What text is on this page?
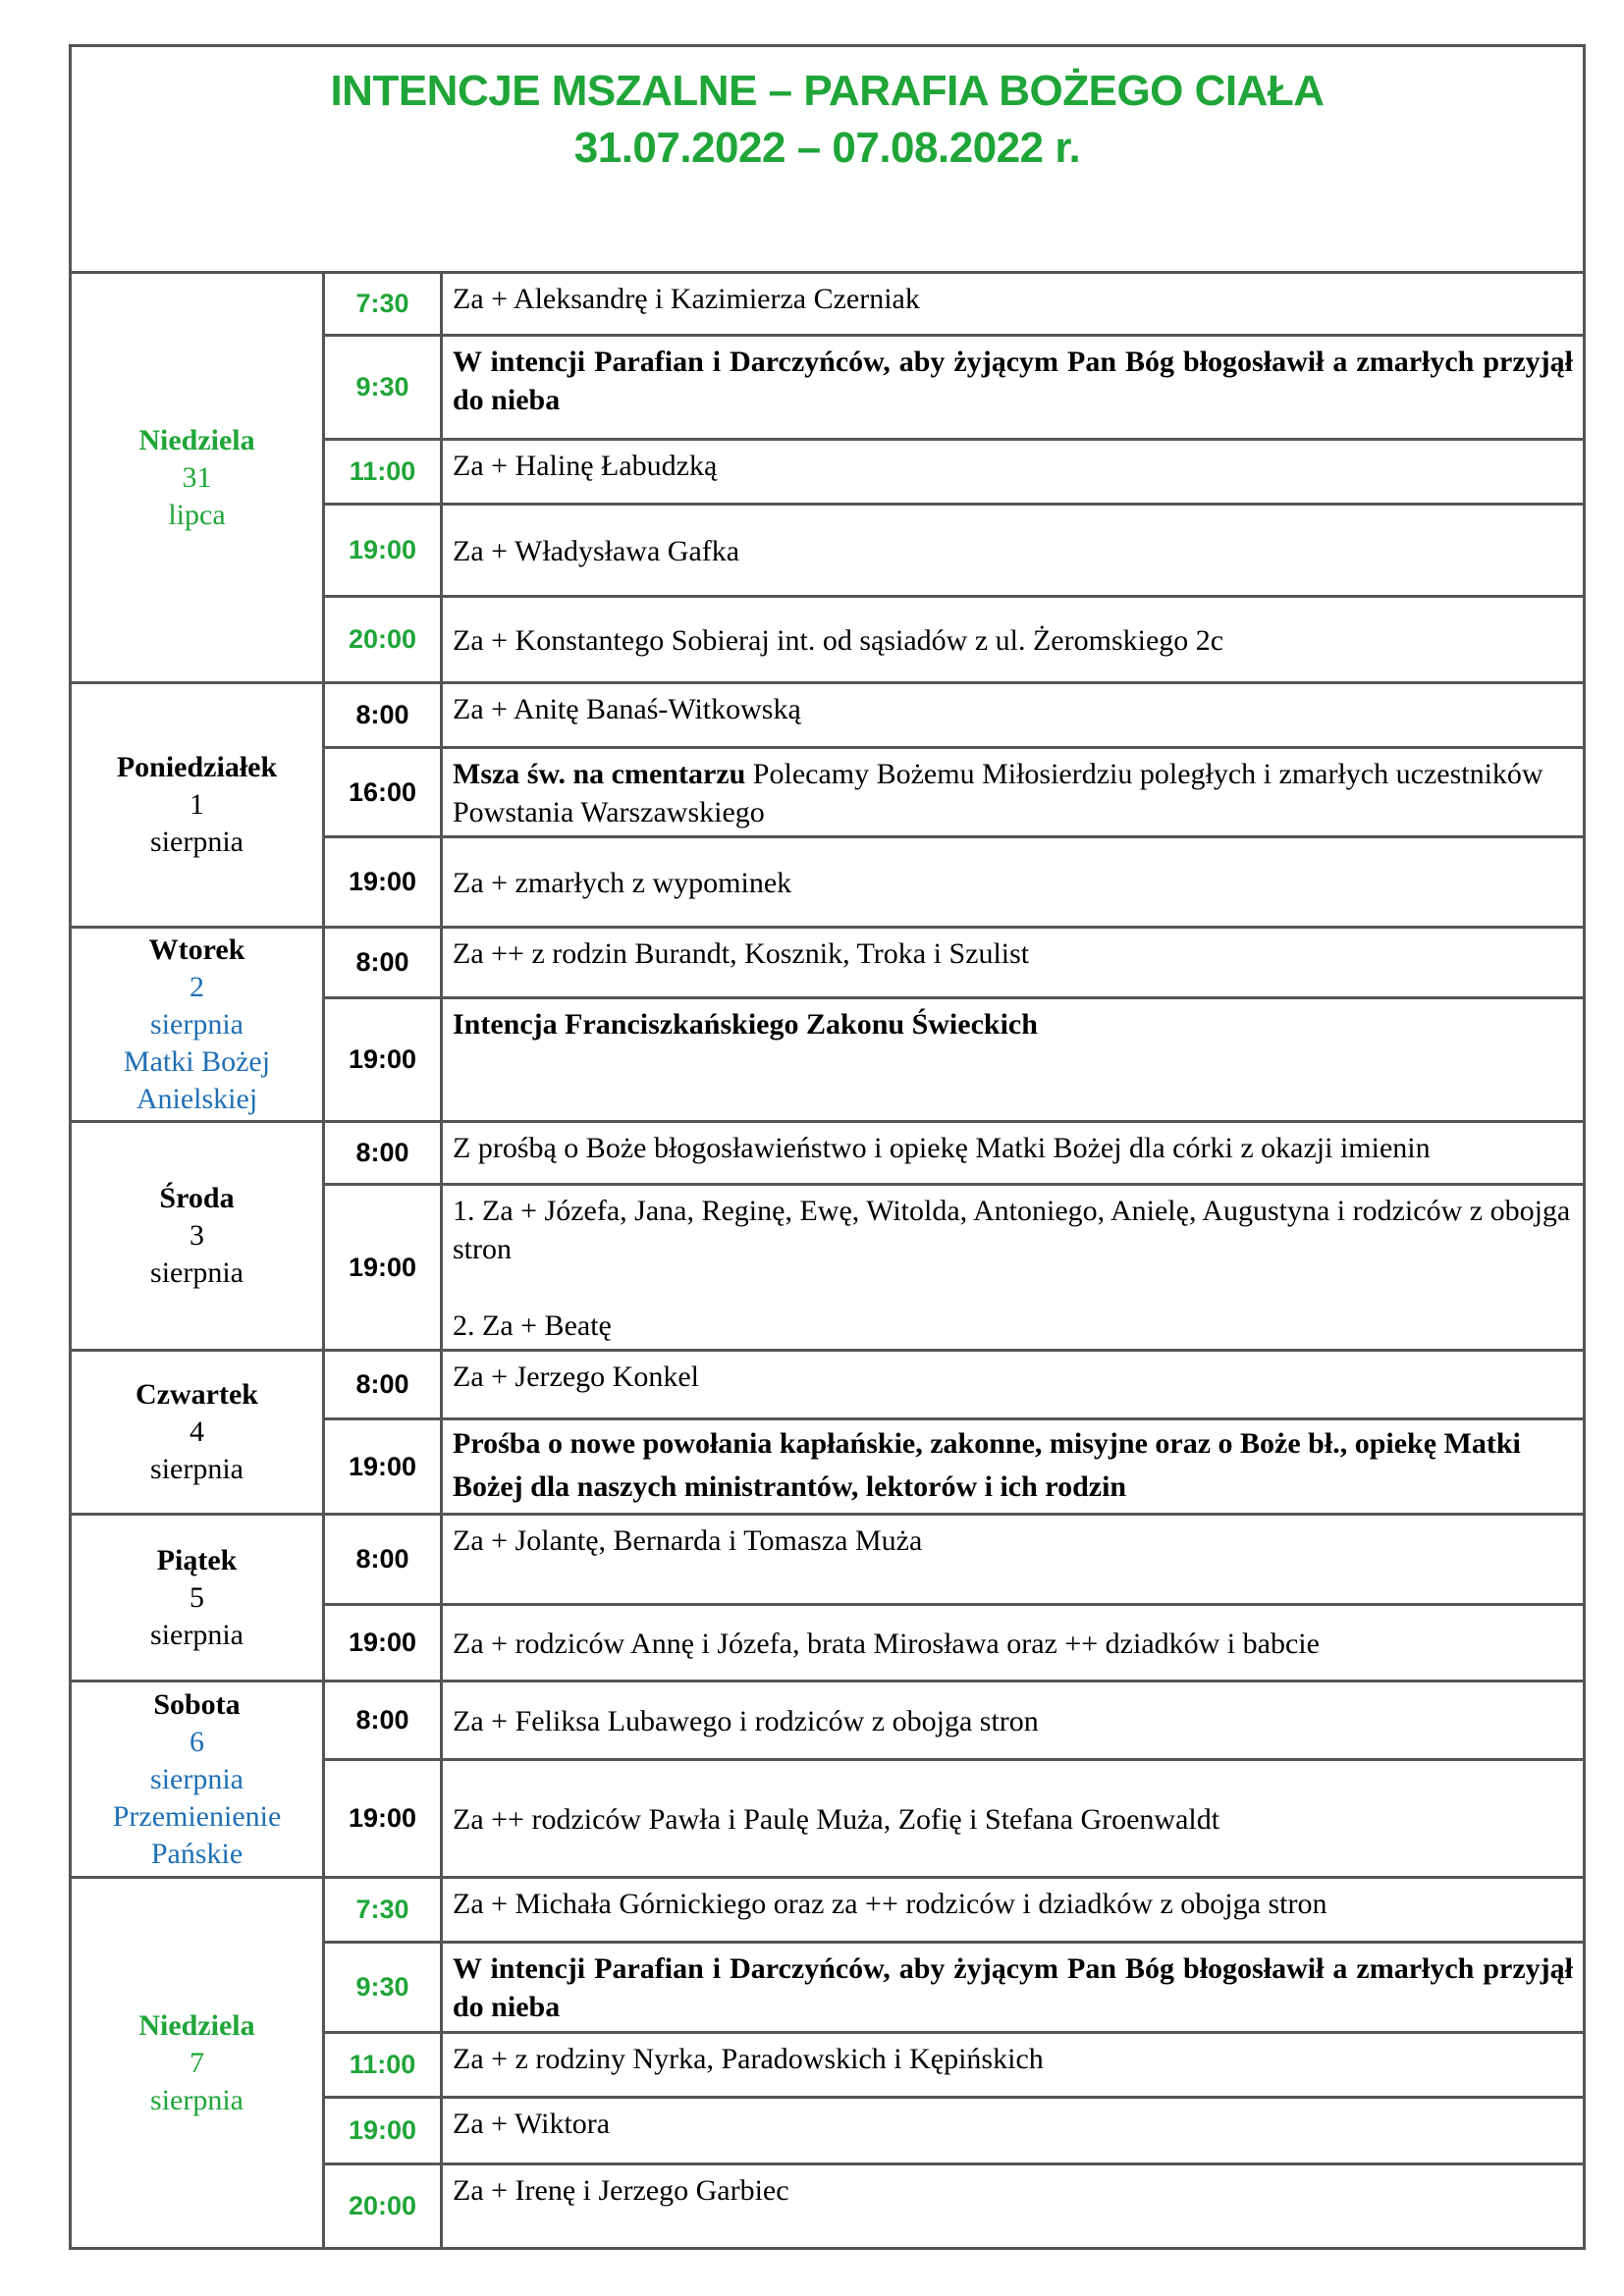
INTENCJE MSZALNE – PARAFIA BOŻEGO CIAŁA
31.07.2022 – 07.08.2022 r.		

Niedziela
31
lipca	7:30	Za + Aleksandrę i Kazimierza Czerniak
	9:30	W intencji Parafian i Darczyńców, aby żyjącym Pan Bóg błogosławił a zmarłych przyjął do nieba
	11:00	Za + Halinę Łabudzką
	19:00	Za + Władysława Gafka
	20:00	Za + Konstantego Sobieraj int. od sąsiadów z ul. Żeromskiego 2c

Poniedziałek
1
sierpnia	8:00	Za + Anitę Banaś-Witkowską
	16:00	Msza św. na cmentarzu Polecamy Bożemu Miłosierdziu poległych i zmarłych uczestników Powstania Warszawskiego
	19:00	Za + zmarłych z wypominek

Wtorek
2
sierpnia
Matki Bożej Anielskiej	8:00	Za ++ z rodzin Burandt, Kosznik, Troka i Szulist
	19:00	Intencja Franciszkańskiego Zakonu Świeckich

Środa
3
sierpnia	8:00	Z prośbą o Boże błogosławieństwo i opiekę Matki Bożej dla córki z okazji imienin
	19:00	1. Za + Józefa, Jana, Reginę, Ewę, Witolda, Antoniego, Anielę, Augustyna i rodziców z obojga stron
2. Za + Beatę

Czwartek
4
sierpnia	8:00	Za + Jerzego Konkel
	19:00	Prośba o nowe powołania kapłańskie, zakonne, misyjne oraz o Boże bł., opiekę Matki Bożej dla naszych ministrantów, lektorów i ich rodzin

Piątek
5
sierpnia	8:00	Za + Jolantę, Bernarda i Tomasza Muża
	19:00	Za + rodziców Annę i Józefa, brata Mirosława oraz ++ dziadków i babcie

Sobota
6
sierpnia
Przemienienie Pańskie	8:00	Za + Feliksa Lubawego i rodziców z obojga stron
	19:00	Za ++ rodziców Pawła i Paulę Muża, Zofię i Stefana Groenwaldt

Niedziela
7
sierpnia	7:30	Za + Michała Górnickiego oraz za ++ rodziców i dziadków z obojga stron
	9:30	W intencji Parafian i Darczyńców, aby żyjącym Pan Bóg błogosławił a zmarłych przyjął do nieba
	11:00	Za + z rodziny Nyrka, Paradowskich i Kępińskich
	19:00	Za + Wiktora
	20:00	Za + Irenę i Jerzego Garbiec
